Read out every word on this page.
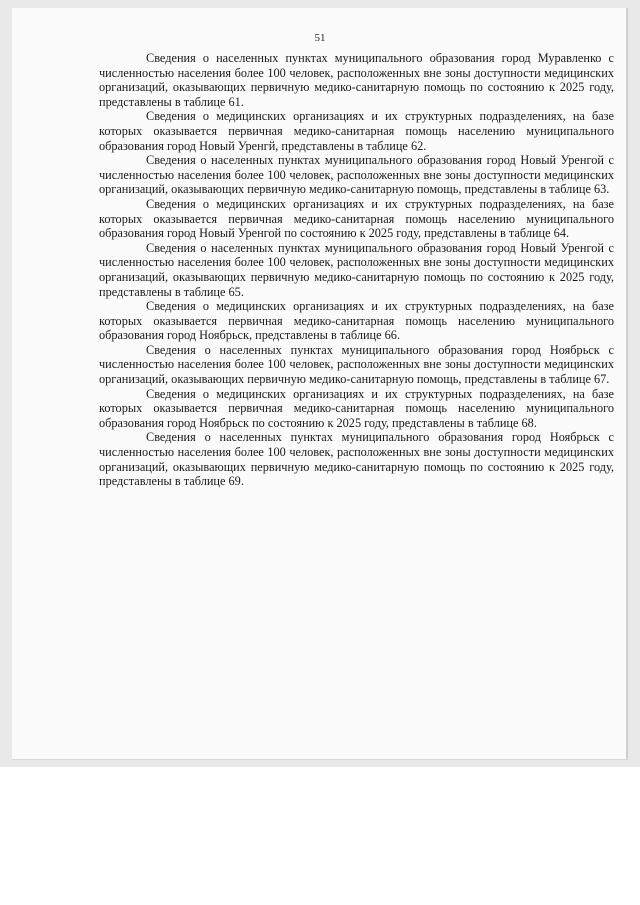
51

Сведения о населенных пунктах муниципального образования город Муравленко с численностью населения более 100 человек, расположенных вне зоны доступности медицинских организаций, оказывающих первичную медико-санитарную помощь по состоянию к 2025 году, представлены в таблице 61.

Сведения о медицинских организациях и их структурных подразделениях, на базе которых оказывается первичная медико-санитарная помощь населению муниципального образования город Новый Уренгй, представлены в таблице 62.

Сведения о населенных пунктах муниципального образования город Новый Уренгой с численностью населения более 100 человек, расположенных вне зоны доступности медицинских организаций, оказывающих первичную медико-санитарную помощь, представлены в таблице 63.

Сведения о медицинских организациях и их структурных подразделениях, на базе которых оказывается первичная медико-санитарная помощь населению муниципального образования город Новый Уренгой по состоянию к 2025 году, представлены в таблице 64.

Сведения о населенных пунктах муниципального образования город Новый Уренгой с численностью населения более 100 человек, расположенных вне зоны доступности медицинских организаций, оказывающих первичную медико-санитарную помощь по состоянию к 2025 году, представлены в таблице 65.

Сведения о медицинских организациях и их структурных подразделениях, на базе которых оказывается первичная медико-санитарная помощь населению муниципального образования город Ноябрьск, представлены в таблице 66.

Сведения о населенных пунктах муниципального образования город Ноябрьск с численностью населения более 100 человек, расположенных вне зоны доступности медицинских организаций, оказывающих первичную медико-санитарную помощь, представлены в таблице 67.

Сведения о медицинских организациях и их структурных подразделениях, на базе которых оказывается первичная медико-санитарная помощь населению муниципального образования город Ноябрьск по состоянию к 2025 году, представлены в таблице 68.

Сведения о населенных пунктах муниципального образования город Ноябрьск с численностью населения более 100 человек, расположенных вне зоны доступности медицинских организаций, оказывающих первичную медико-санитарную помощь по состоянию к 2025 году, представлены в таблице 69.
